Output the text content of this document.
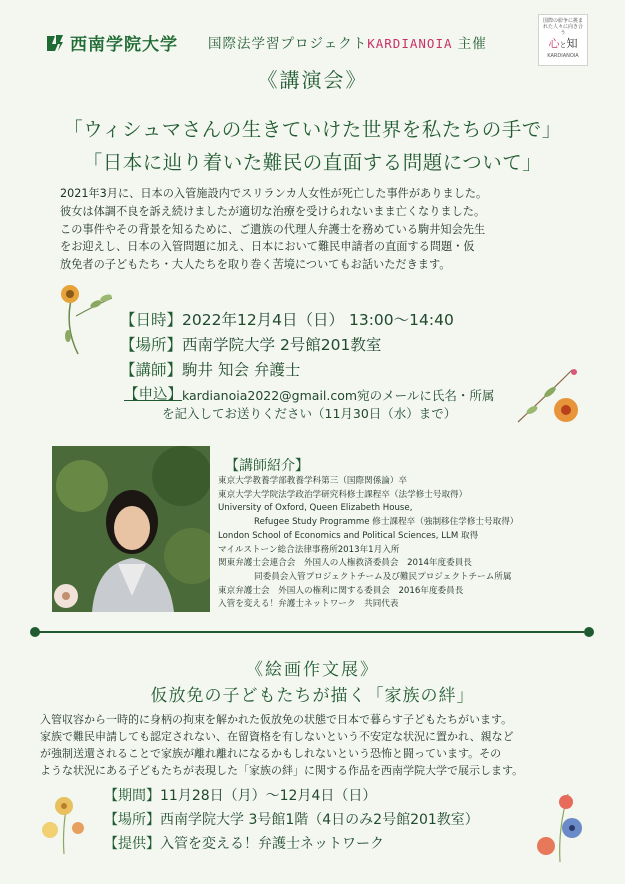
西南学院大学 国際法学習プロジェクトKARDIANOIA 主催
国際の紛争に挑まれた人々に向き合う
心と知
KARDIANOIA
《講演会》
「ウィシュマさんの生きていけた世界を私たちの手で」
「日本に辿り着いた難民の直面する問題について」
2021年3月に、日本の入管施設内でスリランカ人女性が死亡した事件がありました。
彼女は体調不良を訴え続けましたが適切な治療を受けられないまま亡くなりました。
この事件やその背景を知るために、ご遺族の代理人弁護士を務めている駒井知会先生
をお迎えし、日本の入管問題に加え、日本において難民申請者の直面する問題・仮
放免者の子どもたち・大人たちを取り巻く苦境についてもお話いただきます。
【日時】 2022年12月4日（日） 13:00～14:40
【場所】 西南学院大学 2号館201教室
【講師】 駒井 知会 弁護士
【申込】 kardianoia2022@gmail.com宛のメールに氏名・所属
を記入してお送りください（11月30日（水）まで）
【講師紹介】
東京大学教養学部教養学科第三（国際関係論）卒
東京大学大学院法学政治学研究科修士課程卒（法学修士号取得）
University of Oxford, Queen Elizabeth House,
Refugee Study Programme 修士課程卒（強制移住学修士号取得）
London School of Economics and Political Sciences, LLM 取得
マイルストーン総合法律事務所2013年1月入所
関東弁護士会連合会　外国人の人権救済委員会　2014年度委員長
同委員会入管プロジェクトチーム及び難民プロジェクトチーム所属
東京弁護士会　外国人の権利に関する委員会　2016年度委員長
入管を変える！弁護士ネットワーク　共同代表
《絵画作文展》
仮放免の子どもたちが描く「家族の絆」
入管収容から一時的に身柄の拘束を解かれた仮放免の状態で日本で暮らす子どもたちがいます。
家族で難民申請しても認定されない、在留資格を有しないという不安定な状況に置かれ、親など
が強制送還されることで家族が離れ離れになるかもしれないという恐怖と闘っています。その
ような状況にある子どもたちが表現した「家族の絆」に関する作品を西南学院大学で展示します。
【期間】 11月28日（月）～12月4日（日）
【場所】 西南学院大学 3号館1階（4日のみ2号館201教室）
【提供】 入管を変える！弁護士ネットワーク
